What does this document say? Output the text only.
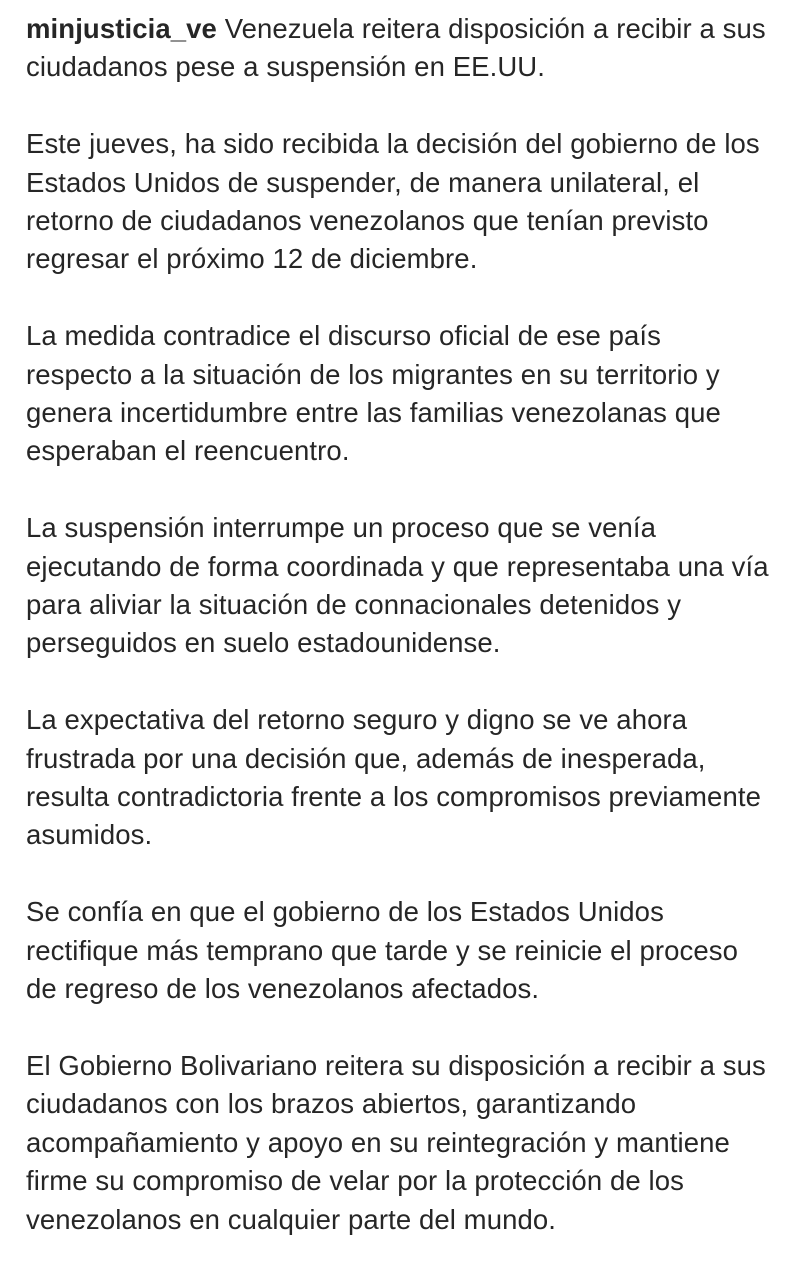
minjusticia_ve Venezuela reitera disposición a recibir a sus ciudadanos pese a suspensión en EE.UU.

Este jueves, ha sido recibida la decisión del gobierno de los Estados Unidos de suspender, de manera unilateral, el retorno de ciudadanos venezolanos que tenían previsto regresar el próximo 12 de diciembre.

La medida contradice el discurso oficial de ese país respecto a la situación de los migrantes en su territorio y genera incertidumbre entre las familias venezolanas que esperaban el reencuentro.

La suspensión interrumpe un proceso que se venía ejecutando de forma coordinada y que representaba una vía para aliviar la situación de connacionales detenidos y perseguidos en suelo estadounidense.

La expectativa del retorno seguro y digno se ve ahora frustrada por una decisión que, además de inesperada, resulta contradictoria frente a los compromisos previamente asumidos.

Se confía en que el gobierno de los Estados Unidos rectifique más temprano que tarde y se reinicie el proceso de regreso de los venezolanos afectados.

El Gobierno Bolivariano reitera su disposición a recibir a sus ciudadanos con los brazos abiertos, garantizando acompañamiento y apoyo en su reintegración y mantiene firme su compromiso de velar por la protección de los venezolanos en cualquier parte del mundo.
